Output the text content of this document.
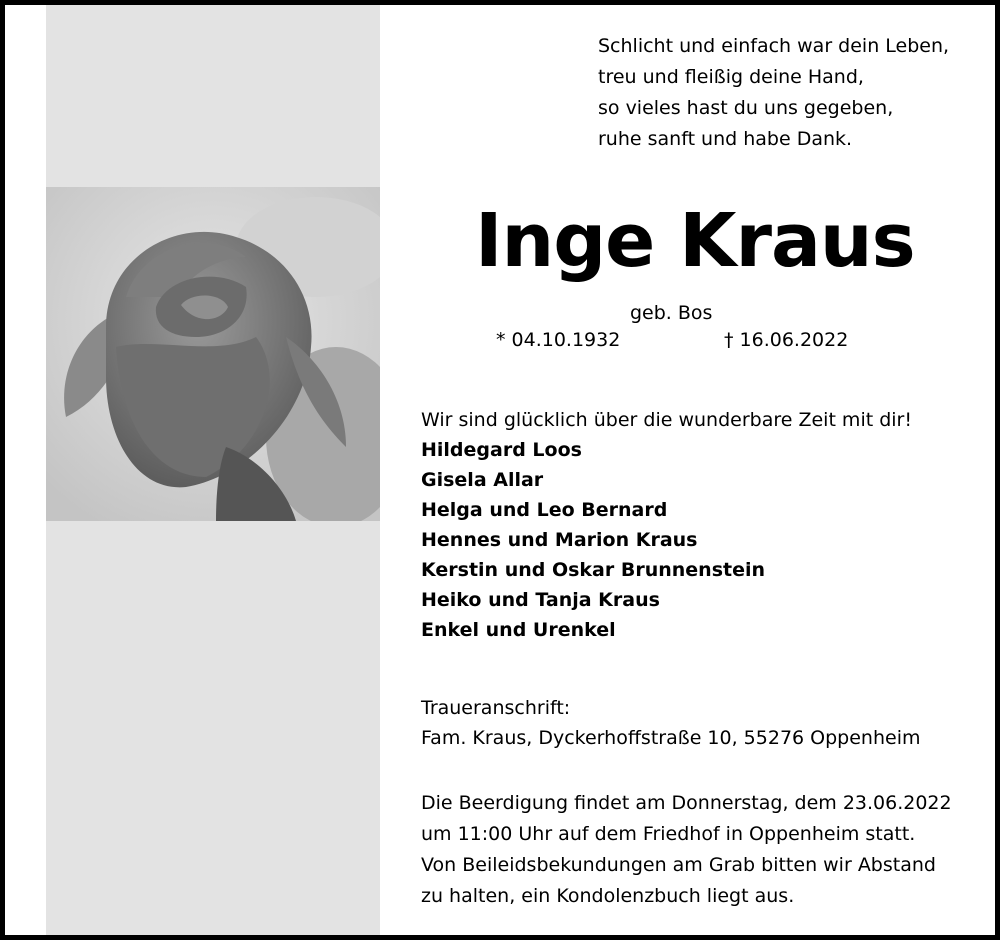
Schlicht und einfach war dein Leben,
treu und fleißig deine Hand,
so vieles hast du uns gegeben,
ruhe sanft und habe Dank.
Inge Kraus
geb. Bos
* 04.10.1932	† 16.06.2022
Wir sind glücklich über die wunderbare Zeit mit dir!
Hildegard Loos
Gisela Allar
Helga und Leo Bernard
Hennes und Marion Kraus
Kerstin und Oskar Brunnenstein
Heiko und Tanja Kraus
Enkel und Urenkel
Traueranschrift:
Fam. Kraus, Dyckerhoffstraße 10, 55276 Oppenheim
Die Beerdigung findet am Donnerstag, dem 23.06.2022
um 11:00 Uhr auf dem Friedhof in Oppenheim statt.
Von Beileidsbekundungen am Grab bitten wir Abstand
zu halten, ein Kondolenzbuch liegt aus.
